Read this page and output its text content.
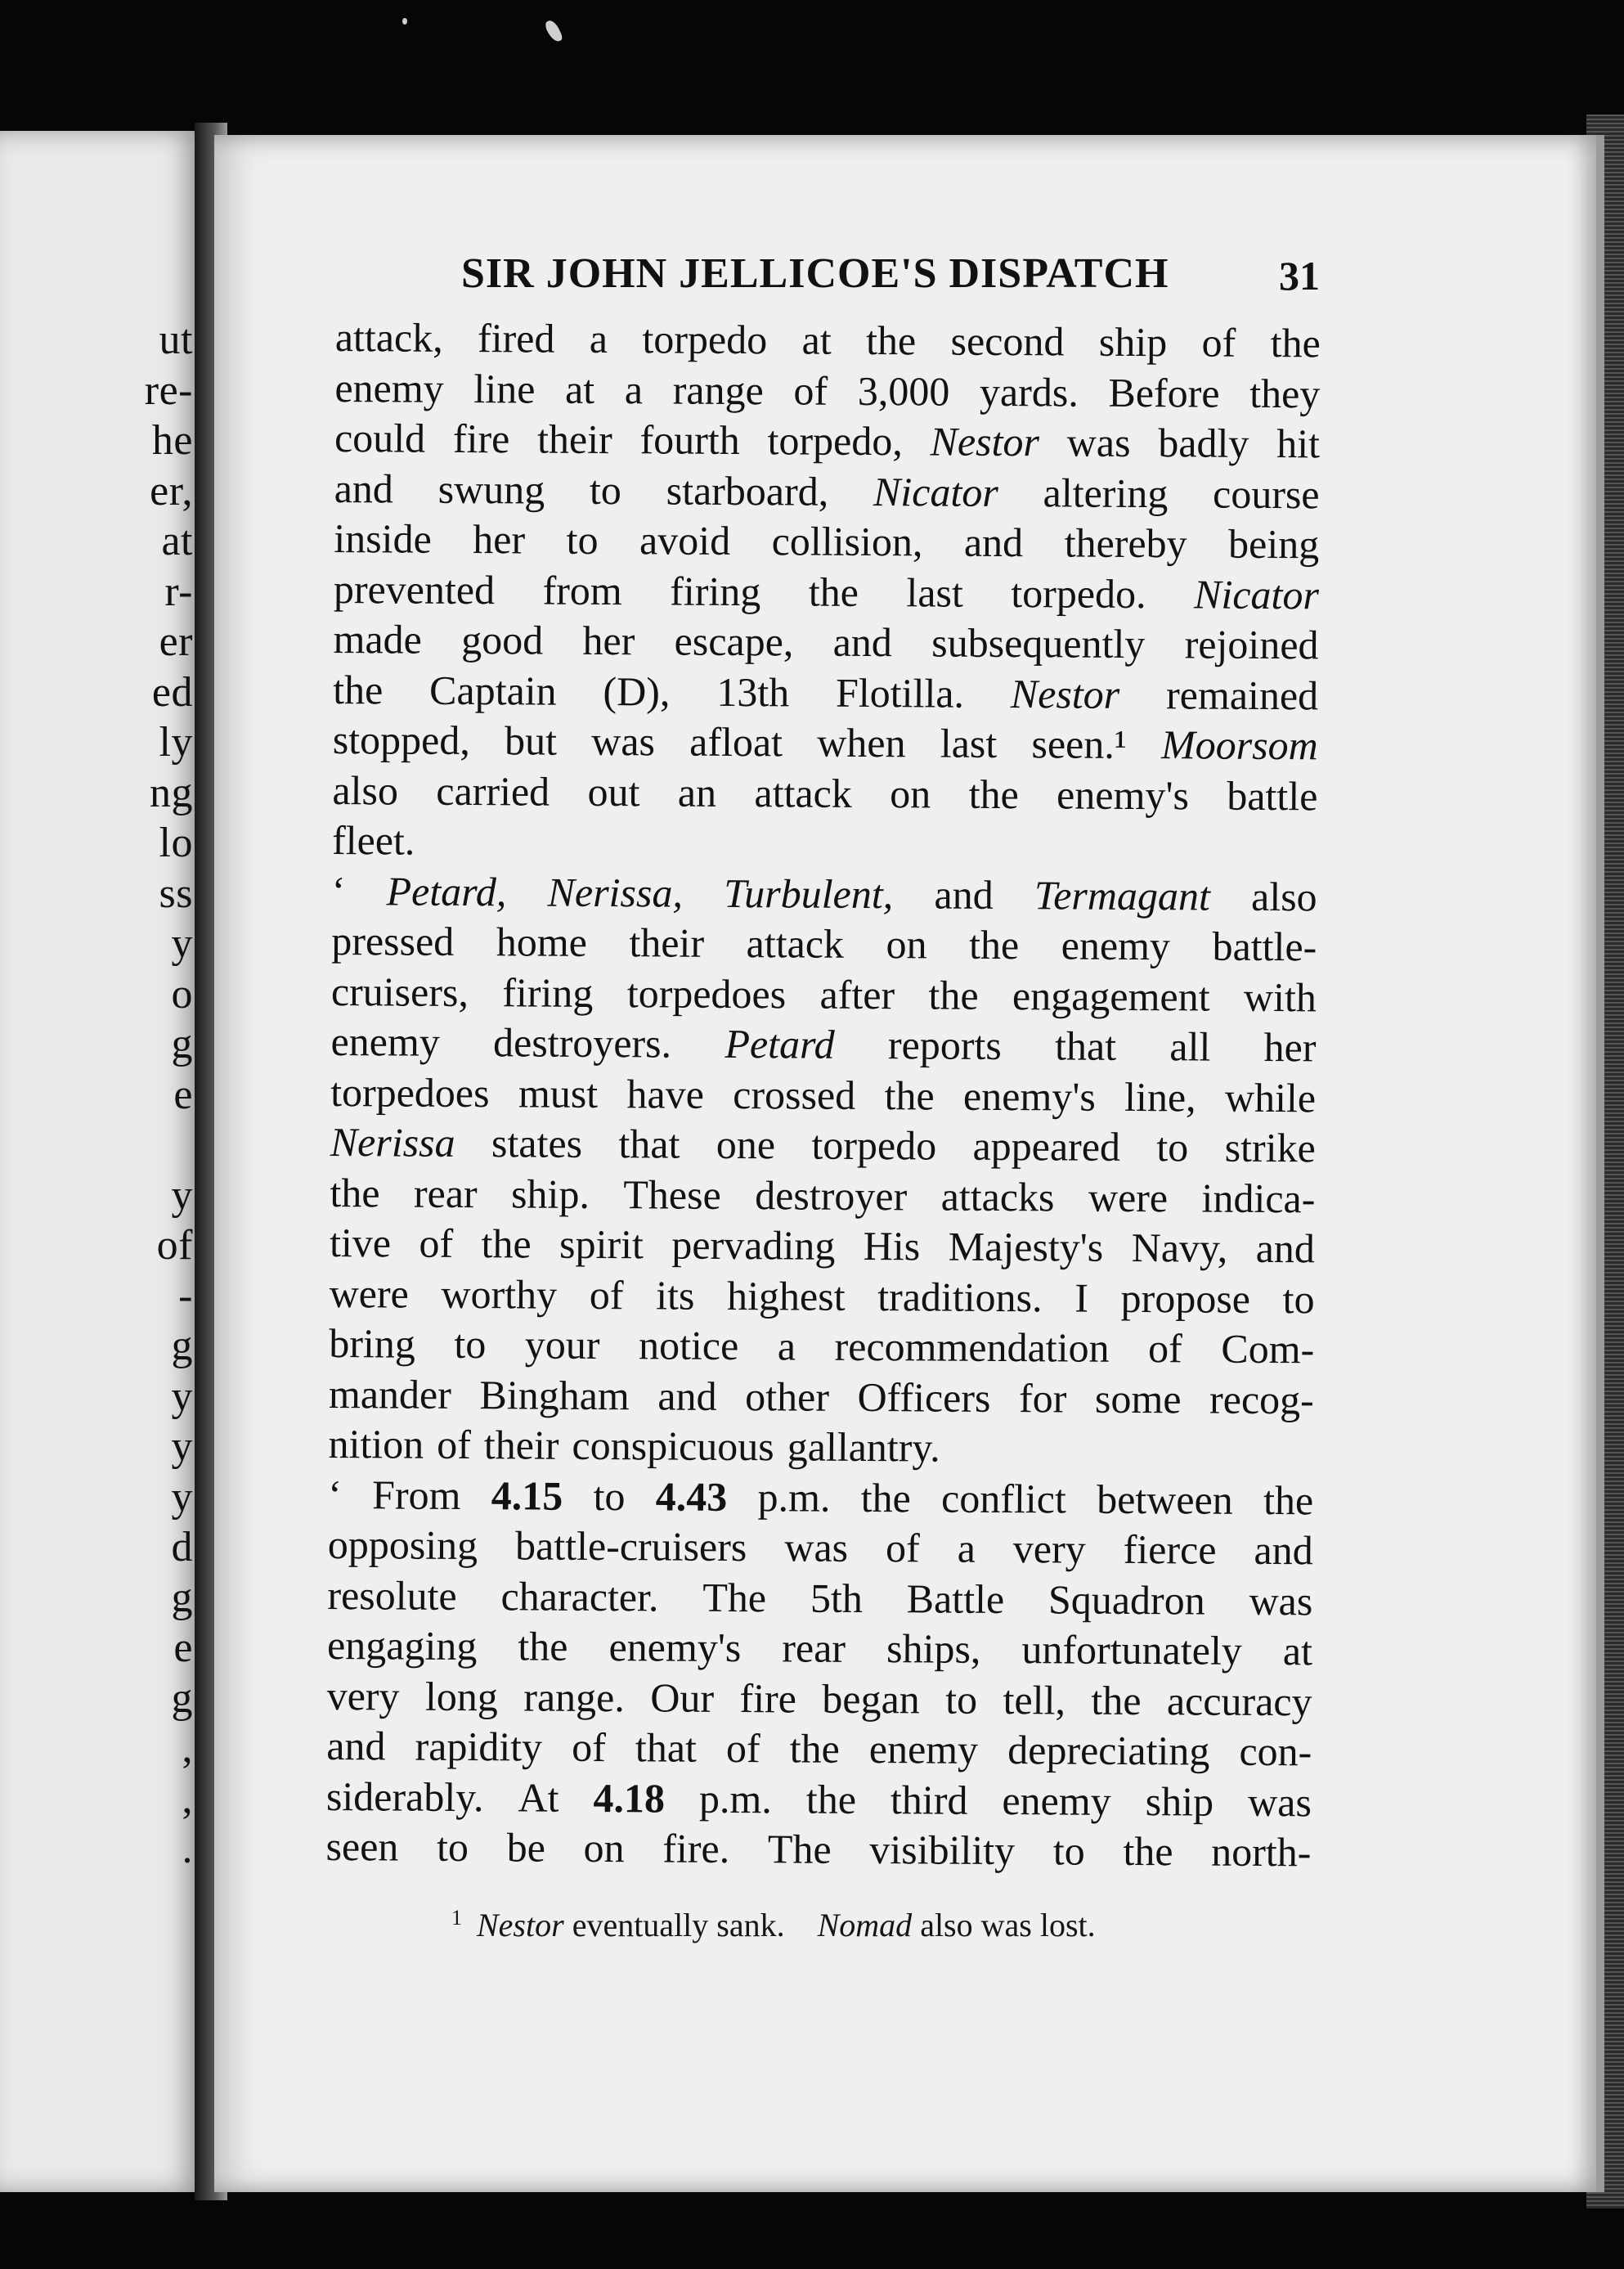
ut
re-
he
er,
at
r-
er
ed
ly
ng
lo
ss
y
o
g
e
y
of
-
g
y
y
y
d
g
e
g
,
,
.
SIR JOHN JELLICOE'S DISPATCH	31
attack, fired a torpedo at the second ship of the
enemy line at a range of 3,000 yards. Before they
could fire their fourth torpedo, Nestor was badly hit
and swung to starboard, Nicator altering course
inside her to avoid collision, and thereby being
prevented from firing the last torpedo. Nicator
made good her escape, and subsequently rejoined
the Captain (D), 13th Flotilla. Nestor remained
stopped, but was afloat when last seen.¹ Moorsom
also carried out an attack on the enemy's battle
fleet.
‘ Petard, Nerissa, Turbulent, and Termagant also
pressed home their attack on the enemy battle-
cruisers, firing torpedoes after the engagement with
enemy destroyers. Petard reports that all her
torpedoes must have crossed the enemy's line, while
Nerissa states that one torpedo appeared to strike
the rear ship. These destroyer attacks were indica-
tive of the spirit pervading His Majesty's Navy, and
were worthy of its highest traditions. I propose to
bring to your notice a recommendation of Com-
mander Bingham and other Officers for some recog-
nition of their conspicuous gallantry.
‘ From 4.15 to 4.43 p.m. the conflict between the
opposing battle-cruisers was of a very fierce and
resolute character. The 5th Battle Squadron was
engaging the enemy's rear ships, unfortunately at
very long range. Our fire began to tell, the accuracy
and rapidity of that of the enemy depreciating con-
siderably. At 4.18 p.m. the third enemy ship was
seen to be on fire. The visibility to the north-
$^1$ Nestor eventually sank. Nomad also was lost.
